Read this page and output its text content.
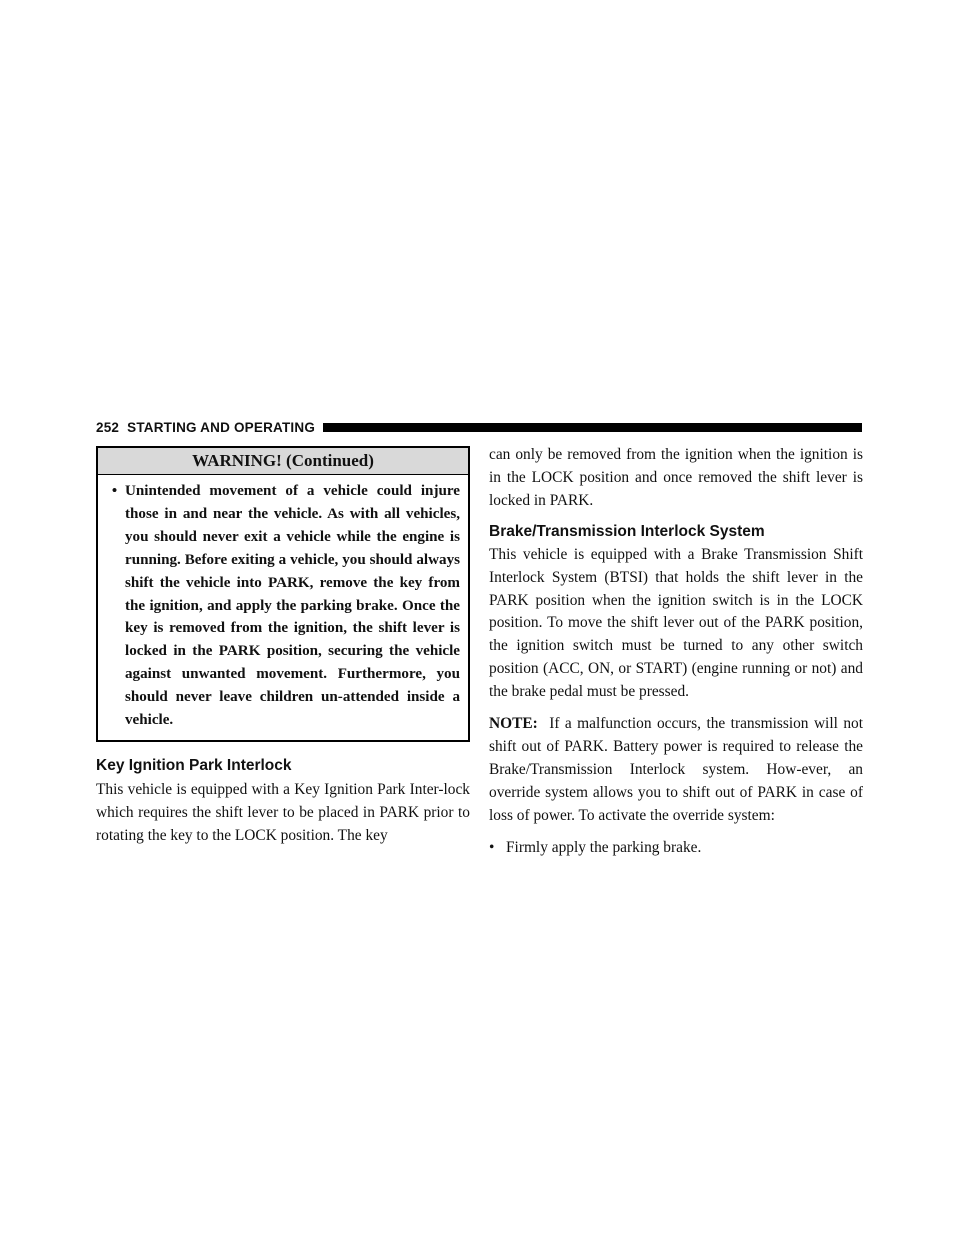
252 STARTING AND OPERATING
WARNING! (Continued)
• Unintended movement of a vehicle could injure those in and near the vehicle. As with all vehicles, you should never exit a vehicle while the engine is running. Before exiting a vehicle, you should always shift the vehicle into PARK, remove the key from the ignition, and apply the parking brake. Once the key is removed from the ignition, the shift lever is locked in the PARK position, securing the vehicle against unwanted movement. Furthermore, you should never leave children un-attended inside a vehicle.
Key Ignition Park Interlock

This vehicle is equipped with a Key Ignition Park Inter-lock which requires the shift lever to be placed in PARK prior to rotating the key to the LOCK position. The key

can only be removed from the ignition when the ignition is in the LOCK position and once removed the shift lever is locked in PARK.

Brake/Transmission Interlock System

This vehicle is equipped with a Brake Transmission Shift Interlock System (BTSI) that holds the shift lever in the PARK position when the ignition switch is in the LOCK position. To move the shift lever out of the PARK position, the ignition switch must be turned to any other switch position (ACC, ON, or START) (engine running or not) and the brake pedal must be pressed.

NOTE: If a malfunction occurs, the transmission will not shift out of PARK. Battery power is required to release the Brake/Transmission Interlock system. How-ever, an override system allows you to shift out of PARK in case of loss of power. To activate the override system:

• Firmly apply the parking brake.
